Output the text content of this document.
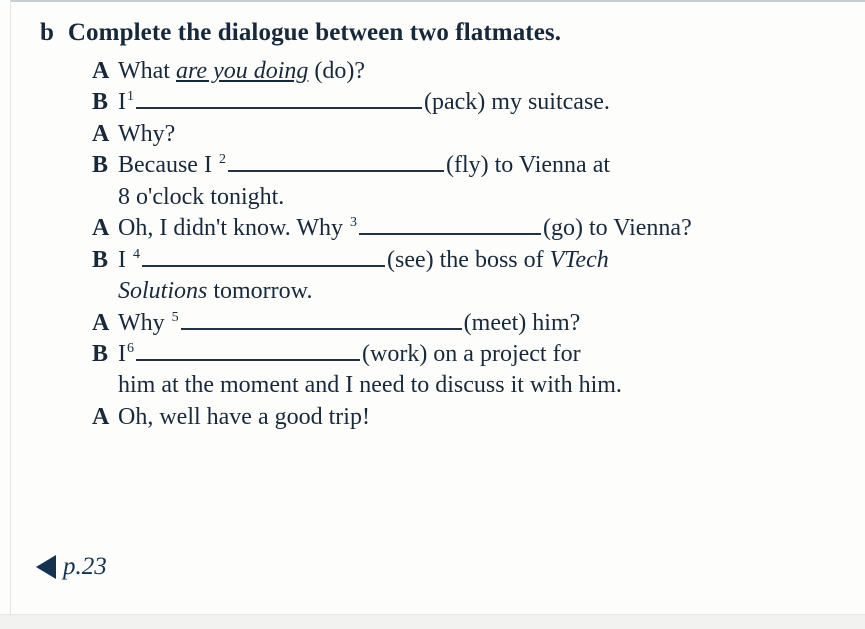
b Complete the dialogue between two flatmates.
A What are you doing (do)?
B $I^1$	(pack) my suitcase.
A Why?
B Because I $^2$	(fly) to Vienna at
8 o'clock tonight.
A Oh, I didn't know. Why $^3$	(go) to Vienna?
B I $^4$	(see) the boss of VTech
Solutions tomorrow.
A Why $^5$	(meet) him?
B $I^6$	(work) on a project for
him at the moment and I need to discuss it with him.
A Oh, well have a good trip!
p.23
